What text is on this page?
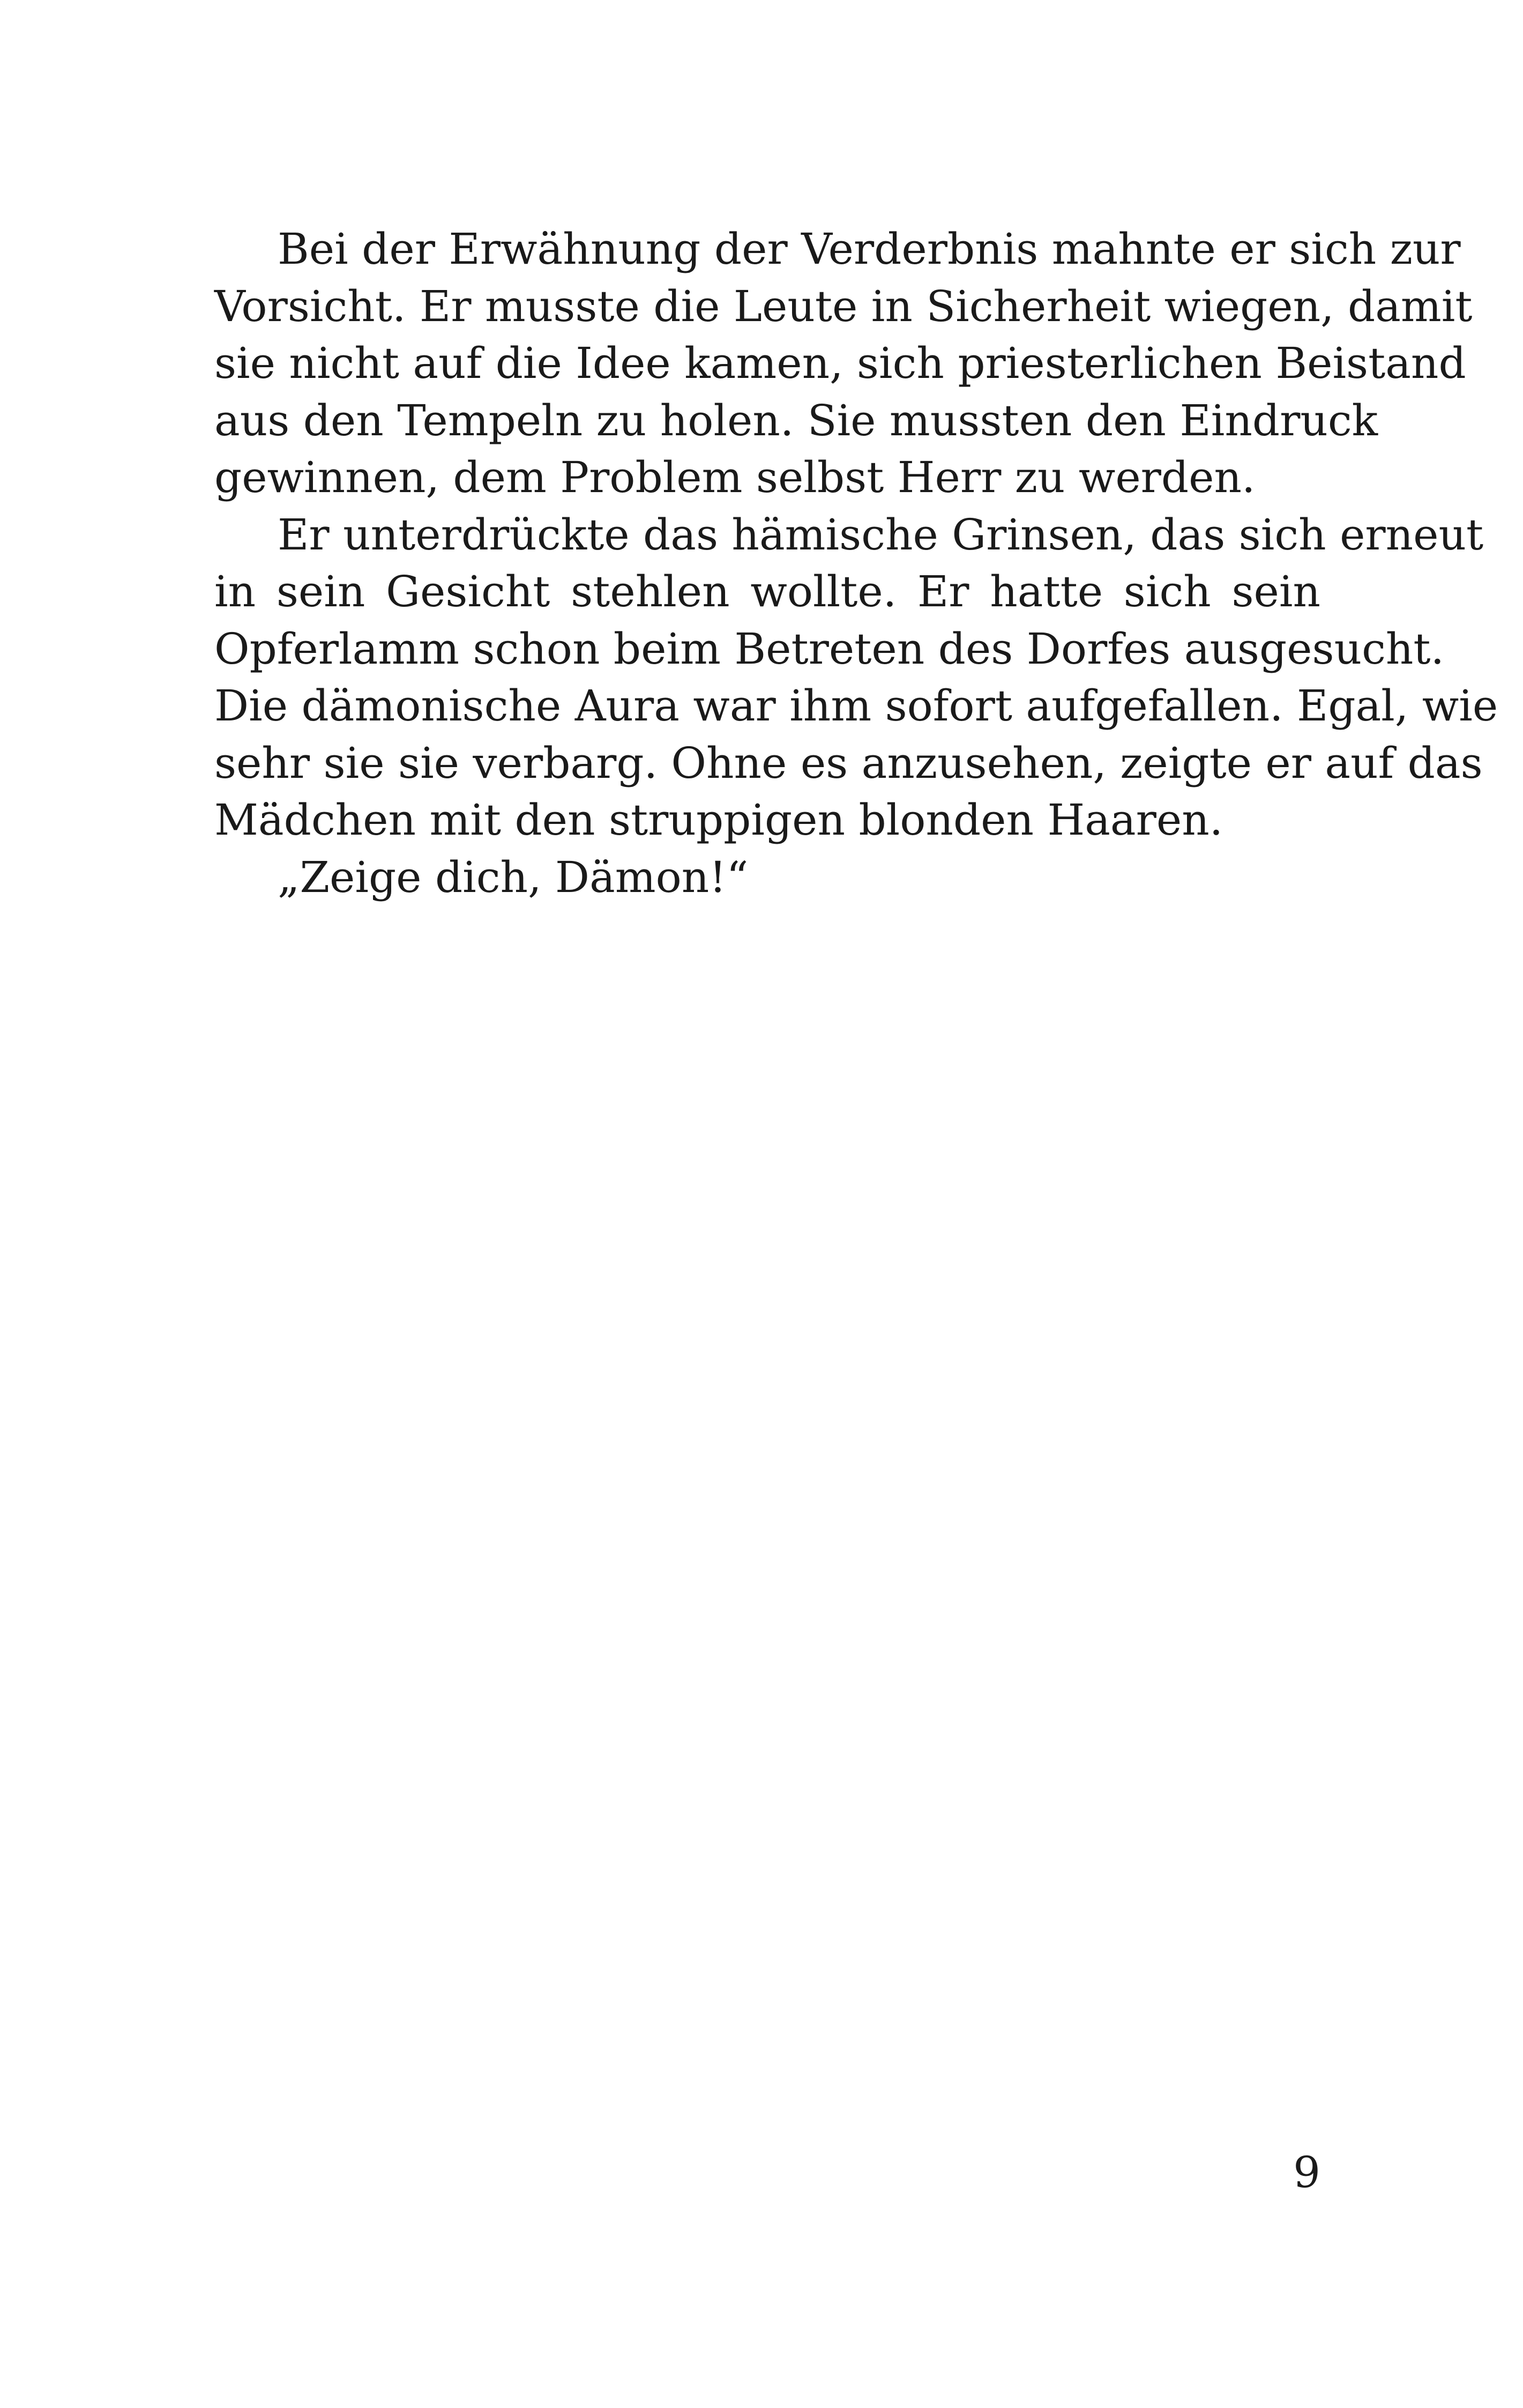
Bei der Erwähnung der Verderbnis mahnte er sich zur

Vorsicht. Er musste die Leute in Sicherheit wiegen, damit

sie nicht auf die Idee kamen, sich priesterlichen Beistand

aus den Tempeln zu holen. Sie mussten den Eindruck

gewinnen, dem Problem selbst Herr zu werden.

Er unterdrückte das hämische Grinsen, das sich erneut

in sein Gesicht stehlen wollte. Er hatte sich sein

Opferlamm schon beim Betreten des Dorfes ausgesucht.

Die dämonische Aura war ihm sofort aufgefallen. Egal, wie

sehr sie sie verbarg. Ohne es anzusehen, zeigte er auf das

Mädchen mit den struppigen blonden Haaren.

„Zeige dich, Dämon!“

9
